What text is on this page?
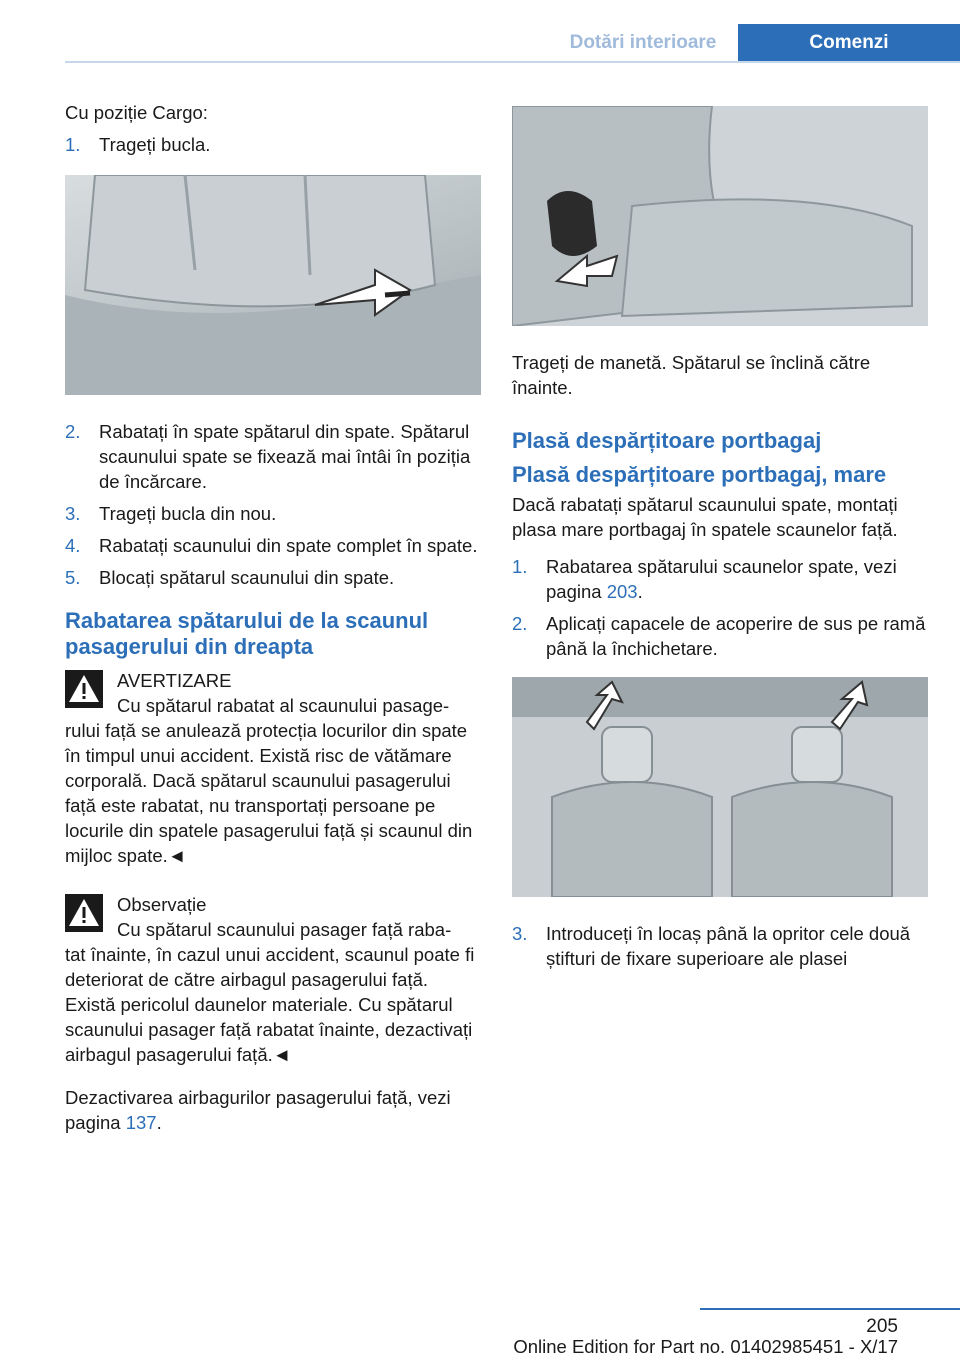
Dotări interioare	Comenzi

Cu poziție Cargo:

1.	Trageți bucla.
2.	Rabatați în spate spătarul din spate. Spătarul scaunului spate se fixează mai întâi în poziția de încărcare.
3.	Trageți bucla din nou.
4.	Rabatați scaunului din spate complet în spate.
5.	Blocați spătarul scaunului din spate.
Rabatarea spătarului de la scaunul pasagerului din dreapta

AVERTIZARE

Cu spătarul rabatat al scaunului pasage-

rului față se anulează protecția locurilor din spate în timpul unui accident. Există risc de vătămare corporală. Dacă spătarul scaunului pasagerului față este rabatat, nu transportați persoane pe locurile din spatele pasagerului față și scaunul din mijloc spate.◄

Observație

Cu spătarul scaunului pasager față raba-

tat înainte, în cazul unui accident, scaunul poate fi deteriorat de către airbagul pasagerului față. Există pericolul daunelor materiale. Cu spătarul scaunului pasager față rabatat înainte, dezactivați airbagul pasagerului față.◄

Dezactivarea airbagurilor pasagerului față, vezi pagina 137.

Trageți de manetă. Spătarul se înclină către înainte.

Plasă despărțitoare portbagaj
Plasă despărțitoare portbagaj, mare

Dacă rabatați spătarul scaunului spate, montați plasa mare portbagaj în spatele scaunelor față.

1.	Rabatarea spătarului scaunelor spate, vezi pagina 203.
2.	Aplicați capacele de acoperire de sus pe ramă până la închichetare.
3.	Introduceți în locaș până la opritor cele două știfturi de fixare superioare ale plasei
205
Online Edition for Part no. 01402985451 - X/17
